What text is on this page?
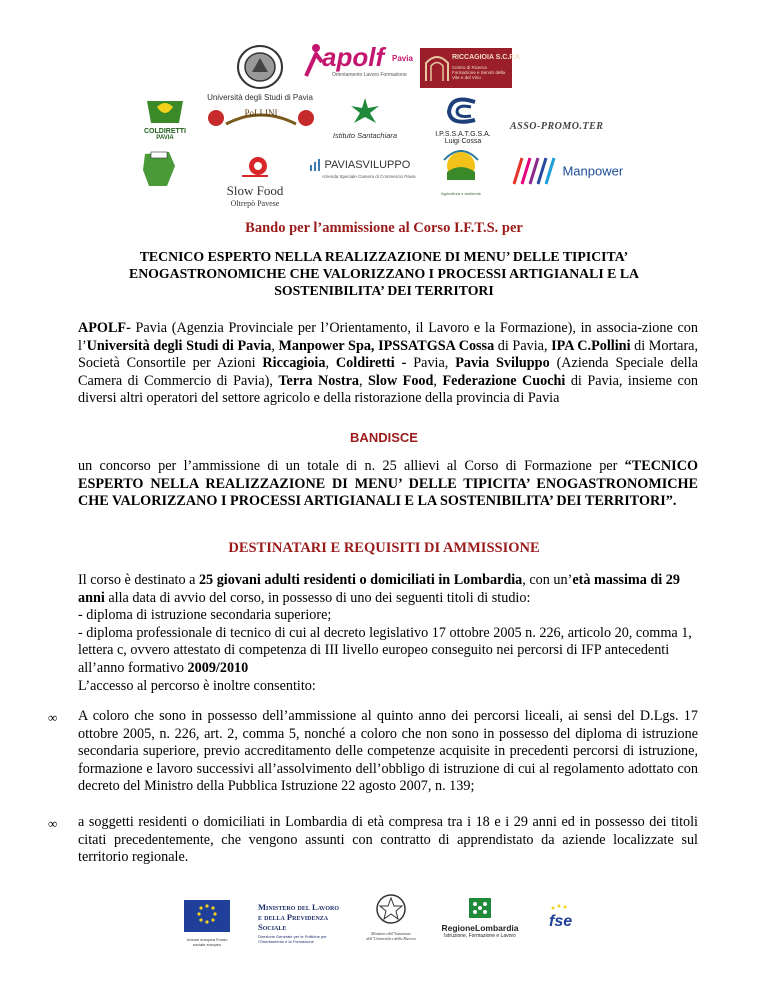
Università degli Studi di Pavia
apolf Pavia
Orientamento Lavoro Formazione
RICCAGIOIA S.C.P.A
Centro di Ricerca Formazione e Servizi della Vite e del Vino
COLDIRETTI
PAVIA
PoLLINI
Istituto Santachiara	I.P.S.S.A.T.G.S.A.
Luigi Cossa
ASSO-PROMO.TER
Slow Food
Oltrepò Pavese
PAVIASVILUPPO
Azienda Speciale Camera di Commercio Pavia
Agricoltura e ambiente
Manpower
Bando per l’ammissione al Corso I.F.T.S. per
TECNICO ESPERTO NELLA REALIZZAZIONE DI MENU’ DELLE TIPICITA’
ENOGASTRONOMICHE CHE VALORIZZANO I PROCESSI ARTIGIANALI E LA
SOSTENIBILITA’ DEI TERRITORI
APOLF- Pavia (Agenzia Provinciale per l’Orientamento, il Lavoro e la Formazione), in associa-zione con l’Università degli Studi di Pavia, Manpower Spa, IPSSATGSA Cossa di Pavia, IPA C.Pollini di Mortara, Società Consortile per Azioni Riccagioia, Coldiretti - Pavia, Pavia Sviluppo (Azienda Speciale della Camera di Commercio di Pavia), Terra Nostra, Slow Food, Federazione Cuochi di Pavia, insieme con diversi altri operatori del settore agricolo e della ristorazione della provincia di Pavia
BANDISCE
un concorso per l’ammissione di un totale di n. 25 allievi al Corso di Formazione per “TECNICO ESPERTO NELLA REALIZZAZIONE DI MENU’ DELLE TIPICITA’ ENOGASTRONOMICHE CHE VALORIZZANO I PROCESSI ARTIGIANALI E LA SOSTENIBILITA’ DEI TERRITORI”.
DESTINATARI E REQUISITI DI AMMISSIONE
Il corso è destinato a 25 giovani adulti residenti o domiciliati in Lombardia, con un’età massima di 29 anni alla data di avvio del corso, in possesso di uno dei seguenti titoli di studio:
- diploma di istruzione secondaria superiore;
- diploma professionale di tecnico di cui al decreto legislativo 17 ottobre 2005 n. 226, articolo 20, comma 1, lettera c, ovvero attestato di competenza di III livello europeo conseguito nei percorsi di IFP antecedenti all’anno formativo 2009/2010
L’accesso al percorso è inoltre consentito:
∞ A coloro che sono in possesso dell’ammissione al quinto anno dei percorsi liceali, ai sensi del D.Lgs. 17 ottobre 2005, n. 226, art. 2, comma 5, nonché a coloro che non sono in possesso del diploma di istruzione secondaria superiore, previo accreditamento delle competenze acquisite in precedenti percorsi di istruzione, formazione e lavoro successivi all’assolvimento dell’obbligo di istruzione di cui al regolamento adottato con decreto del Ministro della Pubblica Istruzione 22 agosto 2007, n. 139;
∞ a soggetti residenti o domiciliati in Lombardia di età compresa tra i 18 e i 29 anni ed in possesso dei titoli citati precedentemente, che vengono assunti con contratto di apprendistato da aziende localizzate sul territorio regionale.
Unione europea Fondo sociale europeo
Ministero del Lavoro
e della Previdenza Sociale
Direzione Generale per le Politiche per l’Orientamento e la Formazione
Ministero dell’Istruzione dell’Università e della Ricerca
RegioneLombardia
Istruzione, Formazione e Lavoro
fse
